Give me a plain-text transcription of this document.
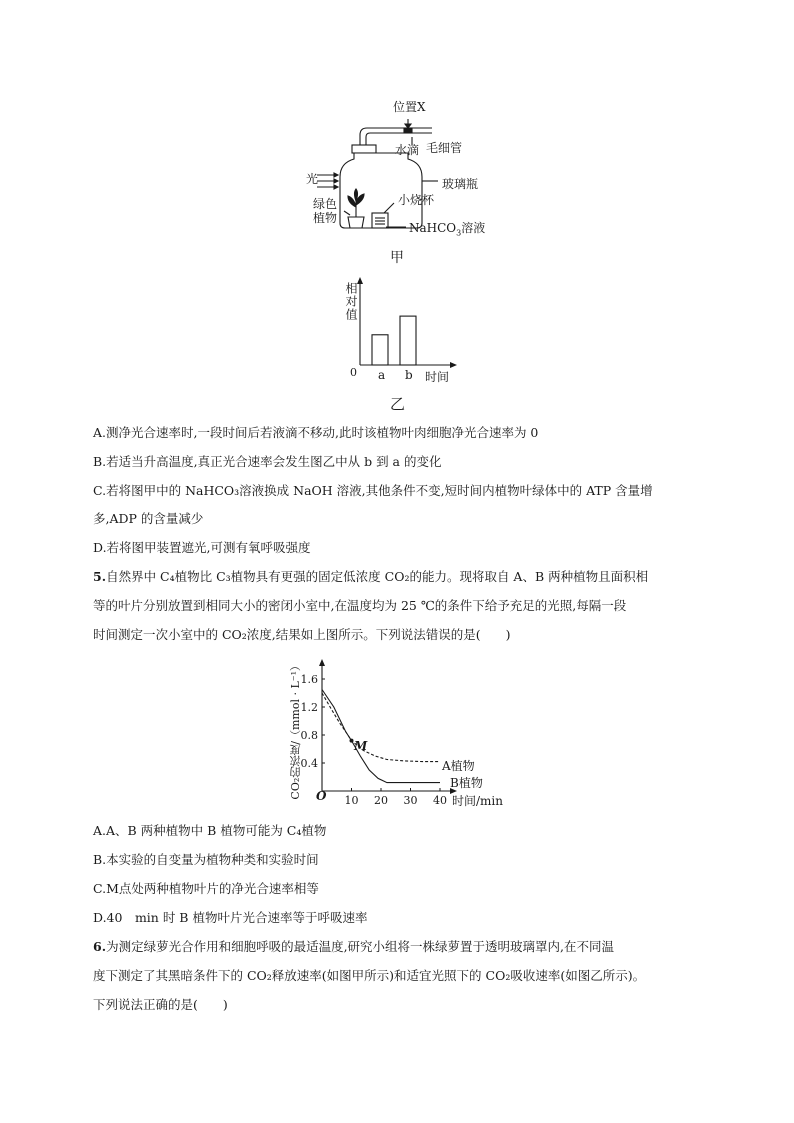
位置X
水滴 毛细管
光	玻璃瓶
小烧杯
绿色
植物
NaHCO$_3$溶液
甲
相对值
0 a b 时间
乙
A.测净光合速率时,一段时间后若液滴不移动,此时该植物叶肉细胞净光合速率为 0
B.若适当升高温度,真正光合速率会发生图乙中从 b 到 a 的变化
C.若将图甲中的 NaHCO₃溶液换成 NaOH 溶液,其他条件不变,短时间内植物叶绿体中的 ATP 含量增
多,ADP 的含量减少
D.若将图甲装置遮光,可测有氧呼吸强度
5.自然界中 C₄植物比 C₃植物具有更强的固定低浓度 CO₂的能力。现将取自 A、B 两种植物且面积相
等的叶片分别放置到相同大小的密闭小室中,在温度均为 25 ℃的条件下给予充足的光照,每隔一段
时间测定一次小室中的 CO₂浓度,结果如上图所示。下列说法错误的是(　　)
10 20 30 40
0.4
0.8
1.2
1.6
CO₂的浓度/（mmol · L⁻¹） O	时间/min
M
A植物
B植物
A.A、B 两种植物中 B 植物可能为 C₄植物
B.本实验的自变量为植物种类和实验时间
C.M点处两种植物叶片的净光合速率相等
D.40　min 时 B 植物叶片光合速率等于呼吸速率
6.为测定绿萝光合作用和细胞呼吸的最适温度,研究小组将一株绿萝置于透明玻璃罩内,在不同温
度下测定了其黑暗条件下的 CO₂释放速率(如图甲所示)和适宜光照下的 CO₂吸收速率(如图乙所示)。
下列说法正确的是(　　)
